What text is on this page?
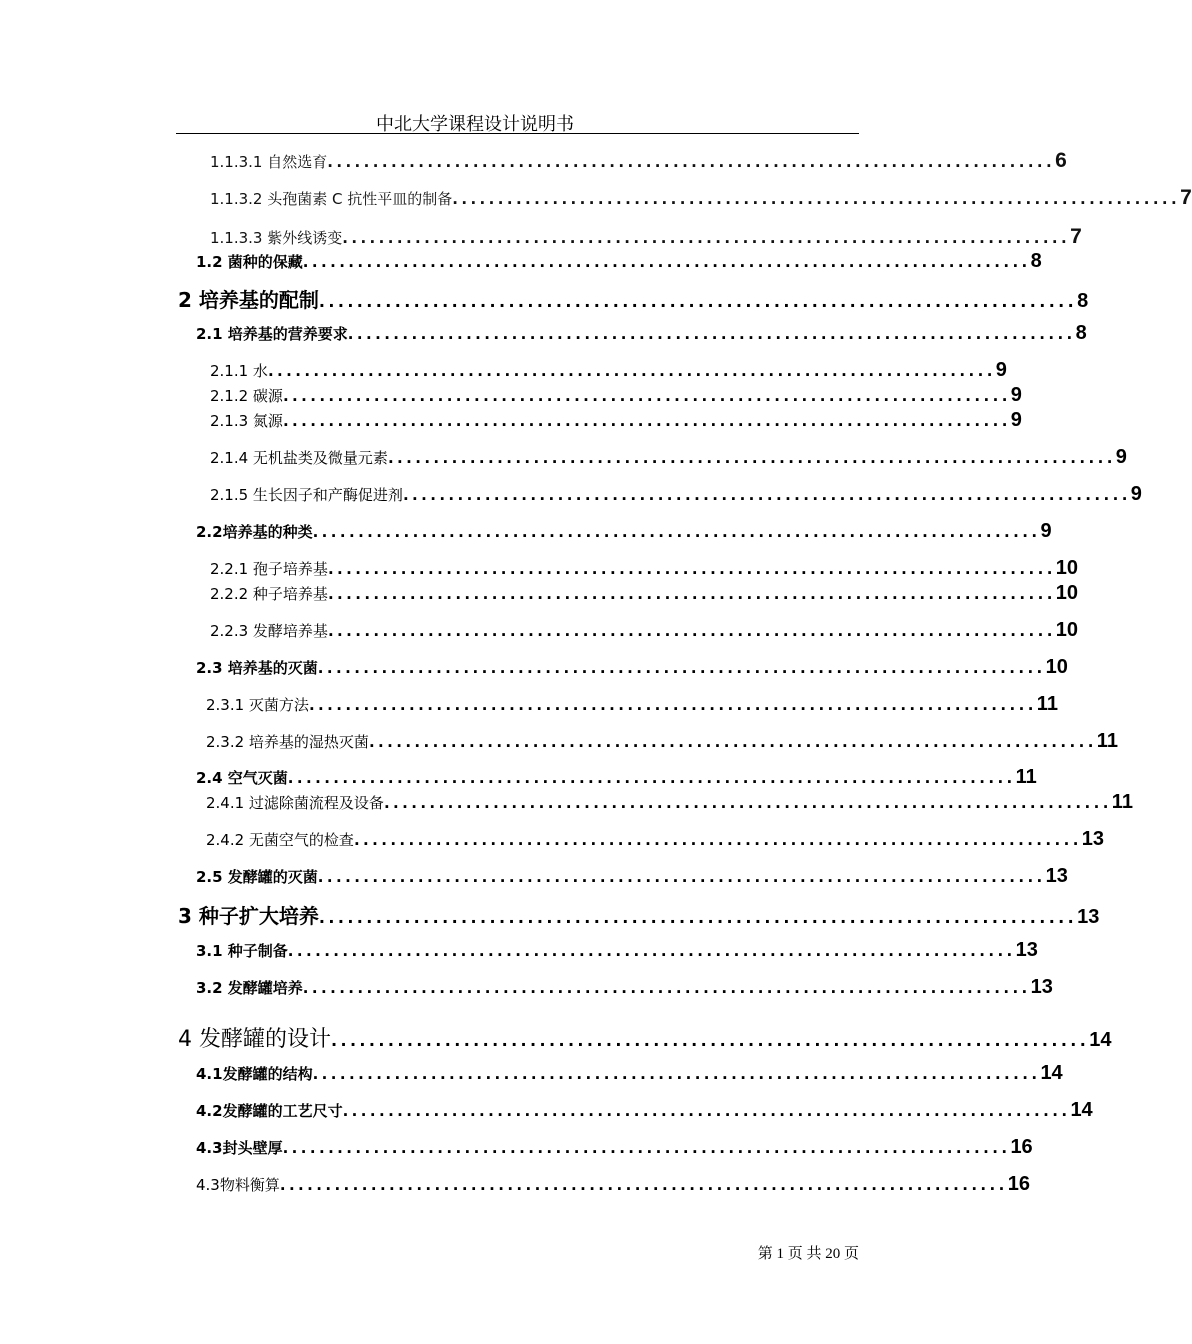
中北大学课程设计说明书
1.1.3.1 自然选育 ................................................................................ 6
1.1.3.2 头孢菌素 C 抗性平皿的制备 ................................................................................ 7
1.1.3.3 紫外线诱变 ................................................................................ 7
1.2 菌种的保藏 ................................................................................ 8
2 培养基的配制 ................................................................................ 8
2.1 培养基的营养要求 ................................................................................ 8
2.1.1 水 ................................................................................ 9
2.1.2 碳源 ................................................................................ 9
2.1.3 氮源 ................................................................................ 9
2.1.4 无机盐类及微量元素 ................................................................................ 9
2.1.5 生长因子和产酶促进剂 ................................................................................ 9
2.2培养基的种类 ................................................................................ 9
2.2.1 孢子培养基 ................................................................................ 10
2.2.2 种子培养基 ................................................................................ 10
2.2.3 发酵培养基 ................................................................................ 10
2.3 培养基的灭菌 ................................................................................ 10
2.3.1 灭菌方法 ................................................................................ 11
2.3.2 培养基的湿热灭菌 ................................................................................ 11
2.4 空气灭菌 ................................................................................ 11
2.4.1 过滤除菌流程及设备 ................................................................................ 11
2.4.2 无菌空气的检查 ................................................................................ 13
2.5 发酵罐的灭菌 ................................................................................ 13
3 种子扩大培养 ................................................................................ 13
3.1 种子制备 ................................................................................ 13
3.2 发酵罐培养 ................................................................................ 13
4 发酵罐的设计 ................................................................................ 14
4.1发酵罐的结构 ................................................................................ 14
4.2发酵罐的工艺尺寸 ................................................................................ 14
4.3封头壁厚 ................................................................................ 16
4.3物料衡算 ................................................................................ 16
第 1 页 共 20 页
